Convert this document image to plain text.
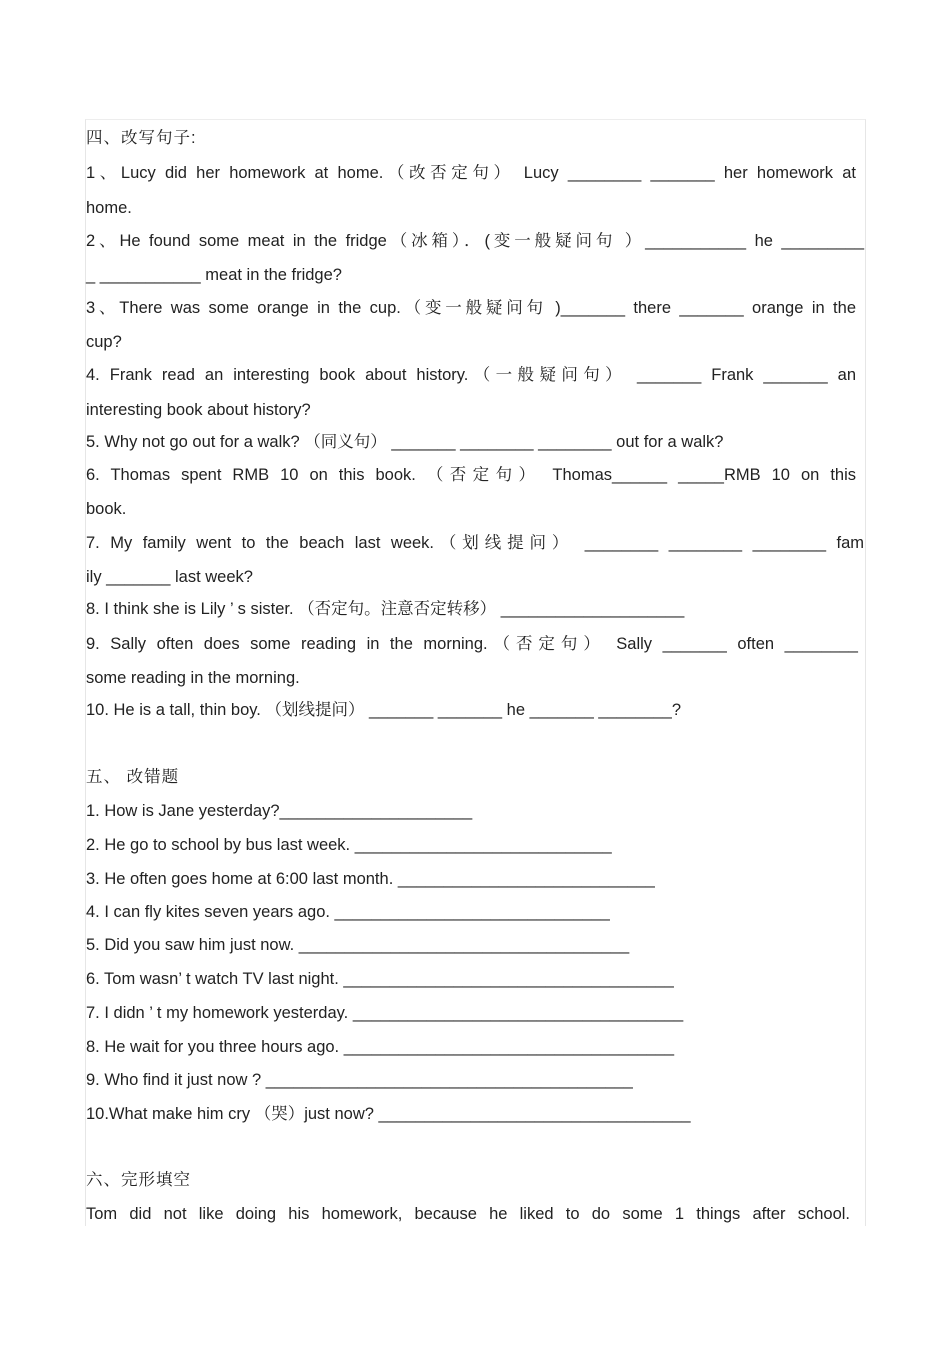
四、改写句子:
1、Lucy did her homework at home.（改否定句） Lucy ________ _______ her homework at
home.
2、He found some meat in the fridge（冰箱）．(变一般疑问句 ）___________ he _________
_ ___________ meat in the fridge?
3、There was some orange in the cup.（变一般疑问句 )_______ there _______ orange in the
cup?
4. Frank read an interesting book about history.（一般疑问句） _______ Frank _______ an
interesting book about history?
5. Why not go out for a walk? （同义句） _______ ________ ________ out for a walk?
6. Thomas spent RMB 10 on this book. （否定句） Thomas______ _____RMB 10 on this
book.
7. My family went to the beach last week.（划线提问） ________ ________ ________ fam
ily _______ last week?
8. I think she is Lily ’ s sister. （否定句。注意否定转移） ____________________
9. Sally often does some reading in the morning.（否定句） Sally _______ often ________
some reading in the morning.
10. He is a tall, thin boy. （划线提问） _______ _______ he _______ ________?
五、 改错题
1. How is Jane yesterday?_____________________
2. He go to school by bus last week. ____________________________
3. He often goes home at 6:00 last month. ____________________________
4. I can fly kites seven years ago. ______________________________
5. Did you saw him just now. ____________________________________
6. Tom wasn’ t watch TV last night. ____________________________________
7. I didn ’ t my homework yesterday. ____________________________________
8. He wait for you three hours ago. ____________________________________
9. Who find it just now ? ________________________________________
10.What make him cry （哭）just now? __________________________________
六、完形填空
Tom did not like doing his homework, because he liked to do some 1 things after school.
